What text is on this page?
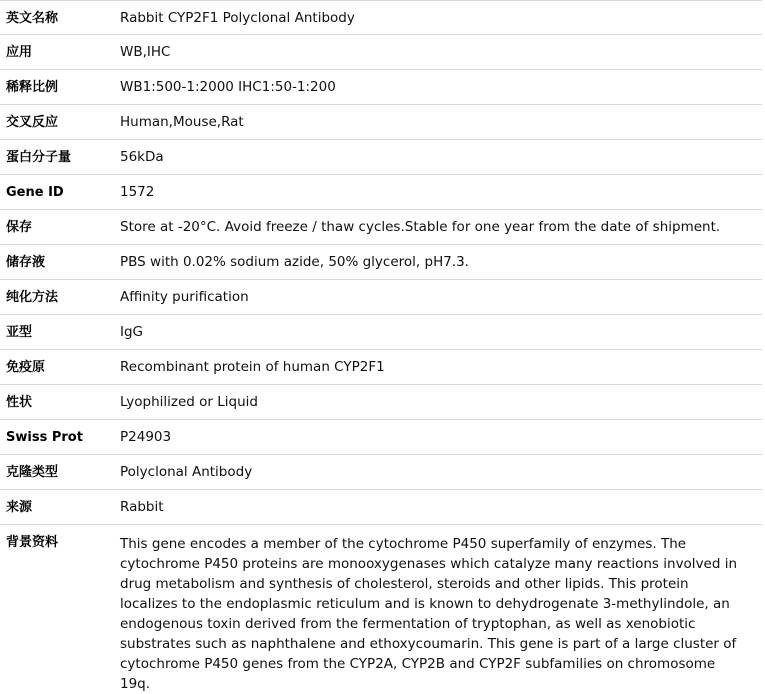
英文名称	Rabbit CYP2F1 Polyclonal Antibody
应用	WB,IHC
稀释比例	WB1:500-1:2000 IHC1:50-1:200
交叉反应	Human,Mouse,Rat
蛋白分子量	56kDa
Gene ID	1572
保存	Store at -20°C. Avoid freeze / thaw cycles.Stable for one year from the date of shipment.
储存液	PBS with 0.02% sodium azide, 50% glycerol, pH7.3.
纯化方法	Affinity purification
亚型	IgG
免疫原	Recombinant protein of human CYP2F1
性状	Lyophilized or Liquid
Swiss Prot	P24903
克隆类型	Polyclonal Antibody
来源	Rabbit
背景资料	This gene encodes a member of the cytochrome P450 superfamily of enzymes. The cytochrome P450 proteins are monooxygenases which catalyze many reactions involved in drug metabolism and synthesis of cholesterol, steroids and other lipids. This protein localizes to the endoplasmic reticulum and is known to dehydrogenate 3-methylindole, an endogenous toxin derived from the fermentation of tryptophan, as well as xenobiotic substrates such as naphthalene and ethoxycoumarin. This gene is part of a large cluster of cytochrome P450 genes from the CYP2A, CYP2B and CYP2F subfamilies on chromosome 19q.
